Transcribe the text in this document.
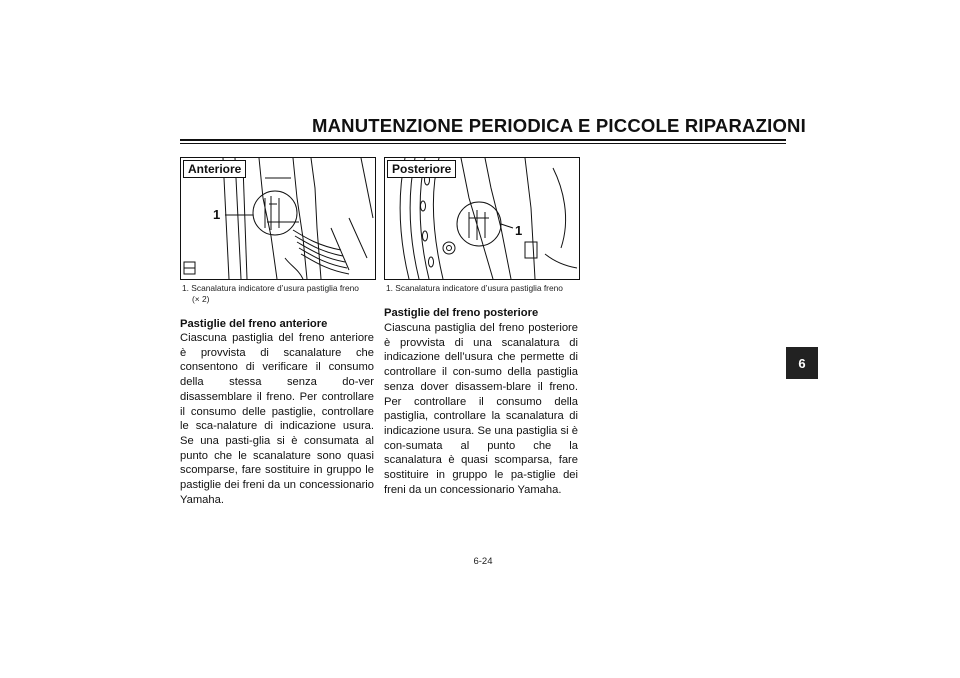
MANUTENZIONE PERIODICA E PICCOLE RIPARAZIONI
6
Anteriore
1
1. Scanalatura indicatore d’usura pastiglia freno
(× 2)
Posteriore
1
1. Scanalatura indicatore d’usura pastiglia freno
Pastiglie del freno anteriore
Ciascuna pastiglia del freno anteriore è provvista di scanalature che consentono di verificare il consumo della stessa senza do-ver disassemblare il freno. Per controllare il consumo delle pastiglie, controllare le sca-nalature di indicazione usura. Se una pasti-glia si è consumata al punto che le scanalature sono quasi scomparse, fare sostituire in gruppo le pastiglie dei freni da un concessionario Yamaha.
Pastiglie del freno posteriore
Ciascuna pastiglia del freno posteriore è provvista di una scanalatura di indicazione dell’usura che permette di controllare il con-sumo della pastiglia senza dover disassem-blare il freno. Per controllare il consumo della pastiglia, controllare la scanalatura di indicazione usura. Se una pastiglia si è con-sumata al punto che la scanalatura è quasi scomparsa, fare sostituire in gruppo le pa-stiglie dei freni da un concessionario Yamaha.
6-24
